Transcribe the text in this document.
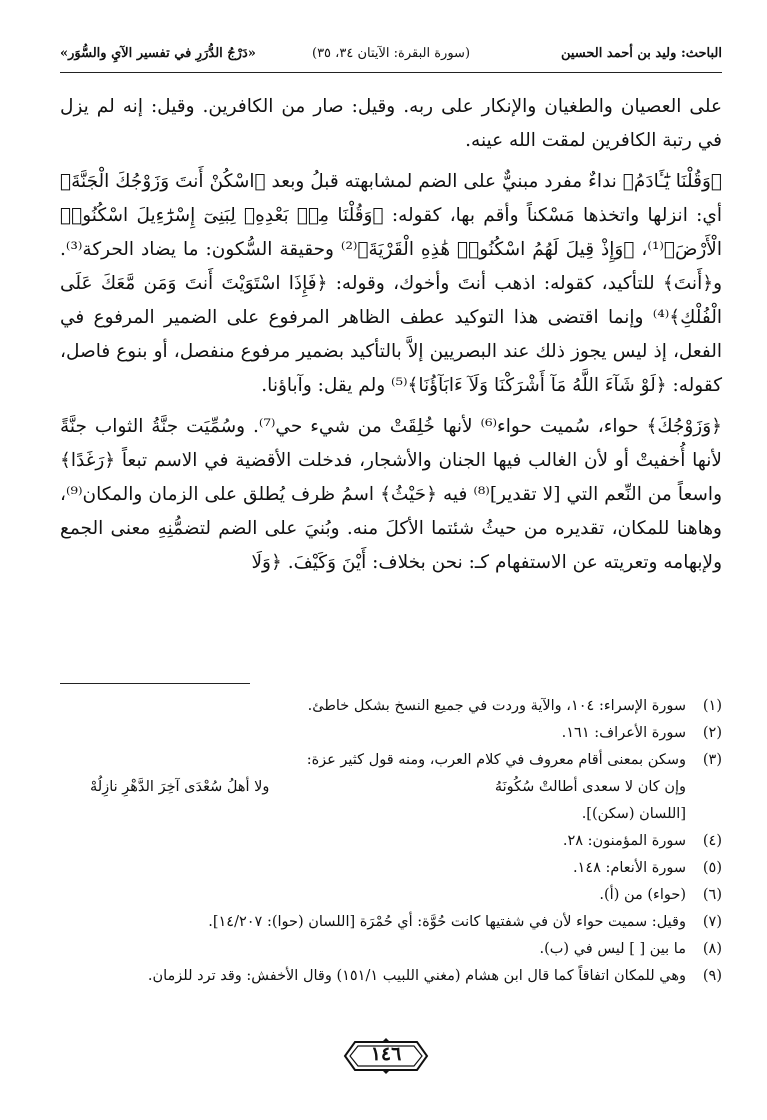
الباحث: وليد بن أحمد الحسين
(سورة البقرة: الآيتان ٣٤، ٣٥)
«دَرْجُ الدُّرَرِ في تفسير الآيِ والسُّوَر»

على العصيان والطغيان والإنكار على ربه. وقيل: صار من الكافرين. وقيل: إنه لم يزل في رتبة الكافرين لمقت الله عينه.

﴿وَقُلْنَا يَٰٓـَٔادَمُ﴾ نداءٌ مفرد مبنيٌّ على الضم لمشابهته قبلُ وبعد ﴿اسْكُنْ أَنتَ وَزَوْجُكَ الْجَنَّةَ﴾ أي: انزلها واتخذها مَسْكناً وأقم بها، كقوله: ﴿وَقُلْنَا مِنۢ بَعْدِهِۦ لِبَنِىٓ إِسْرَٰٓءِيلَ اسْكُنُوا۟ الْأَرْضَ﴾⁽¹⁾، ﴿وَإِذْ قِيلَ لَهُمُ اسْكُنُوا۟ هَٰذِهِ الْقَرْيَةَ﴾⁽²⁾ وحقيقة السُّكون: ما يضاد الحركة⁽³⁾. و﴿أَنتَ﴾ للتأكيد، كقوله: اذهب أنتَ وأخوك، وقوله: ﴿فَإِذَا اسْتَوَيْتَ أَنتَ وَمَن مَّعَكَ عَلَى الْفُلْكِ﴾⁽⁴⁾ وإنما اقتضى هذا التوكيد عطف الظاهر المرفوع على الضمير المرفوع في الفعل، إذ ليس يجوز ذلك عند البصريين إلاَّ بالتأكيد بضمير مرفوع منفصل، أو بنوع فاصل، كقوله: ﴿لَوْ شَآءَ اللَّهُ مَآ أَشْرَكْنَا وَلَآ ءَابَآؤُنَا﴾⁽⁵⁾ ولم يقل: وآباؤنا.

﴿وَزَوْجُكَ﴾ حواء، سُميت حواء⁽⁶⁾ لأنها خُلِقَتْ من شيء حي⁽⁷⁾. وسُمِّيَت جنَّةُ الثواب جنَّةً لأنها أُخفيتْ أو لأن الغالب فيها الجنان والأشجار، فدخلت الأقضية في الاسم تبعاً ﴿رَغَدًا﴾ واسعاً من النِّعم التي [لا تقدير]⁽⁸⁾ فيه ﴿حَيْثُ﴾ اسمُ ظرف يُطلق على الزمان والمكان⁽⁹⁾، وهاهنا للمكان، تقديره من حيثُ شئتما الأكلَ منه. وبُنيَ على الضم لتضمُّنِهِ معنى الجمع ولإبهامه وتعريته عن الاستفهام كـ: نحن بخلاف: أَيْنَ وَكَيْفَ. ﴿وَلَا

(١)
سورة الإسراء: ١٠٤، والآية وردت في جميع النسخ بشكل خاطئ.
(٢)
سورة الأعراف: ١٦١.
(٣)
وسكن بمعنى أقام معروف في كلام العرب، ومنه قول كثير عزة:
وإن كان لا سعدى أطالتْ سُكُونَهُ
ولا أهلُ سُعْدَى آخِرَ الدَّهْرِ نازِلُهْ
[اللسان (سكن)].
(٤)
سورة المؤمنون: ٢٨.
(٥)
سورة الأنعام: ١٤٨.
(٦)
(حواء) من (أ).
(٧)
وقيل: سميت حواء لأن في شفتيها كانت حُوَّة: أي حُمْرَة [اللسان (حوا): ١٤/٢٠٧].
(٨)
ما بين [ ] ليس في (ب).
(٩)
وهي للمكان اتفاقاً كما قال ابن هشام (مغني اللبيب ١٥١/١) وقال الأخفش: وقد ترد للزمان.
١٤٦
